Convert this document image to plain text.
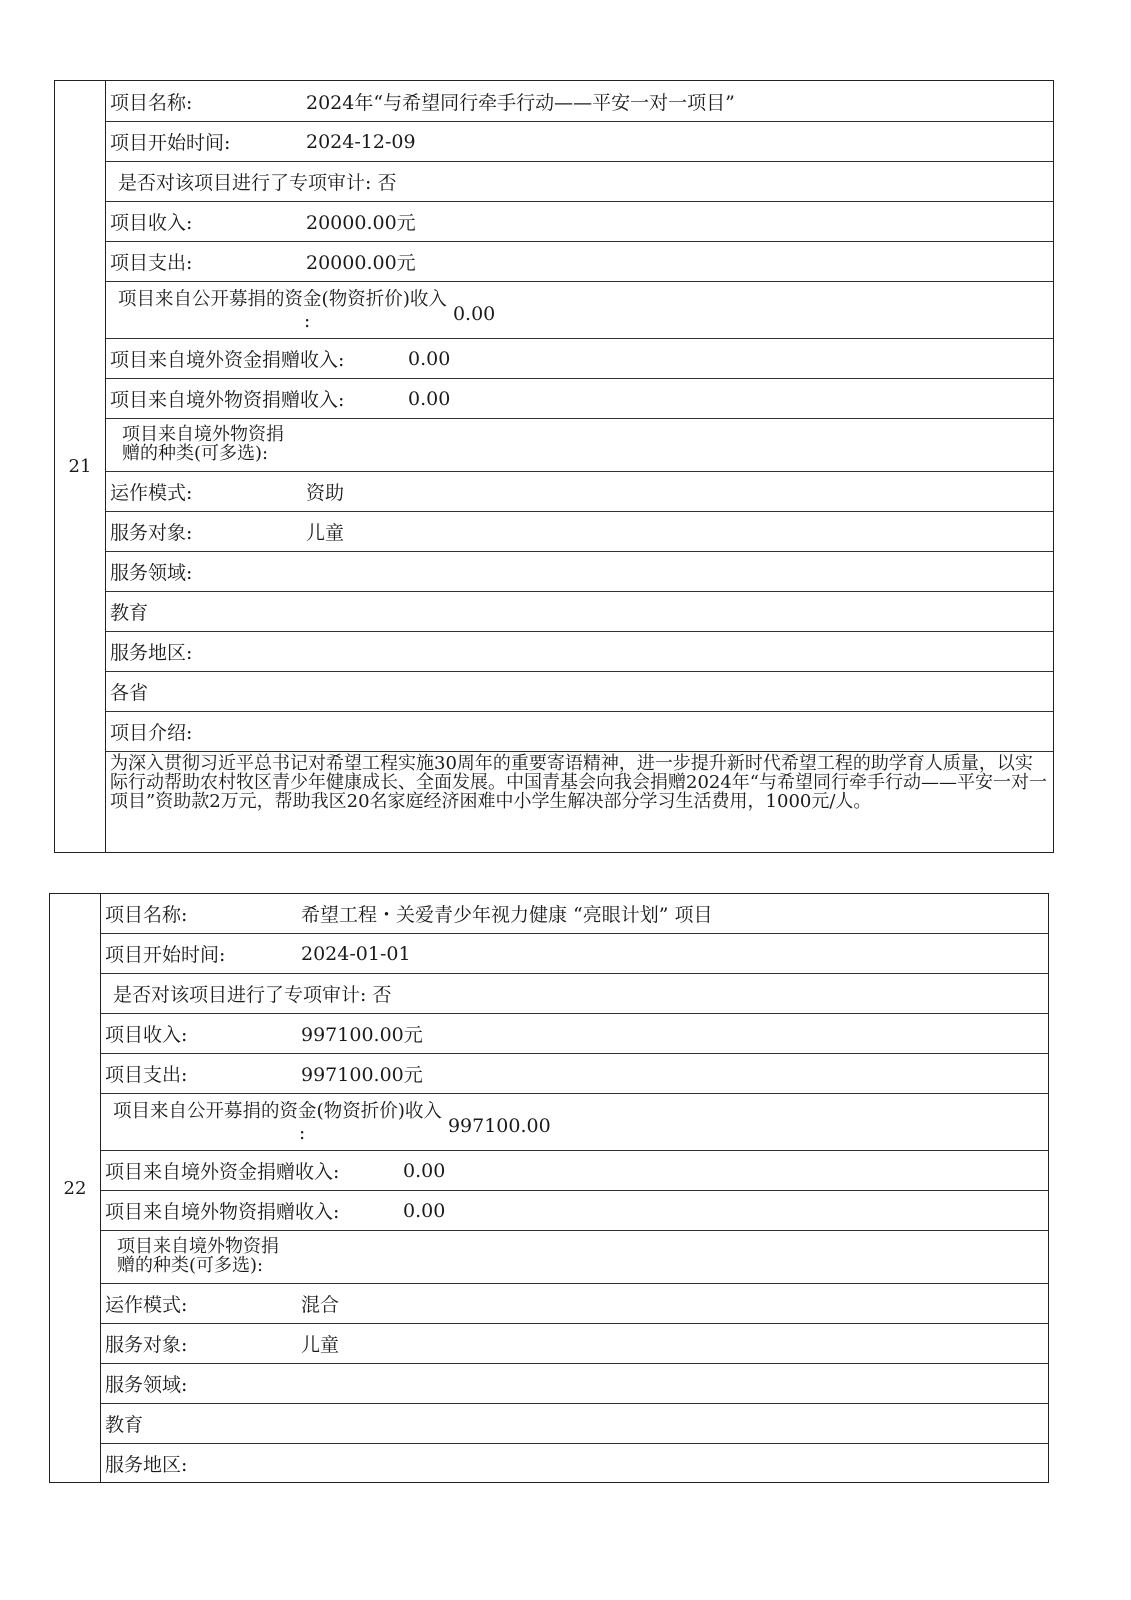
21
项目名称:	2024年“与希望同行牵手行动——平安一对一项目”
项目开始时间:	2024-12-09
是否对该项目进行了专项审计: 否
项目收入:	20000.00元
项目支出:	20000.00元
项目来自公开募捐的资金(物资折价)收入
:	0.00
项目来自境外资金捐赠收入:	0.00
项目来自境外物资捐赠收入:	0.00
项目来自境外物资捐
赠的种类(可多选):
运作模式:	资助
服务对象:	儿童
服务领域:
教育
服务地区:
各省
项目介绍:
为深入贯彻习近平总书记对希望工程实施30周年的重要寄语精神，进一步提升新时代希望工程的助学育人质量，以实际行动帮助农村牧区青少年健康成长、全面发展。中国青基会向我会捐赠2024年“与希望同行牵手行动——平安一对一项目”资助款2万元，帮助我区20名家庭经济困难中小学生解决部分学习生活费用，1000元/人。
22
项目名称:	希望工程・关爱青少年视力健康 “亮眼计划” 项目
项目开始时间:	2024-01-01
是否对该项目进行了专项审计: 否
项目收入:	997100.00元
项目支出:	997100.00元
项目来自公开募捐的资金(物资折价)收入
:	997100.00
项目来自境外资金捐赠收入:	0.00
项目来自境外物资捐赠收入:	0.00
项目来自境外物资捐
赠的种类(可多选):
运作模式:	混合
服务对象:	儿童
服务领域:
教育
服务地区:
